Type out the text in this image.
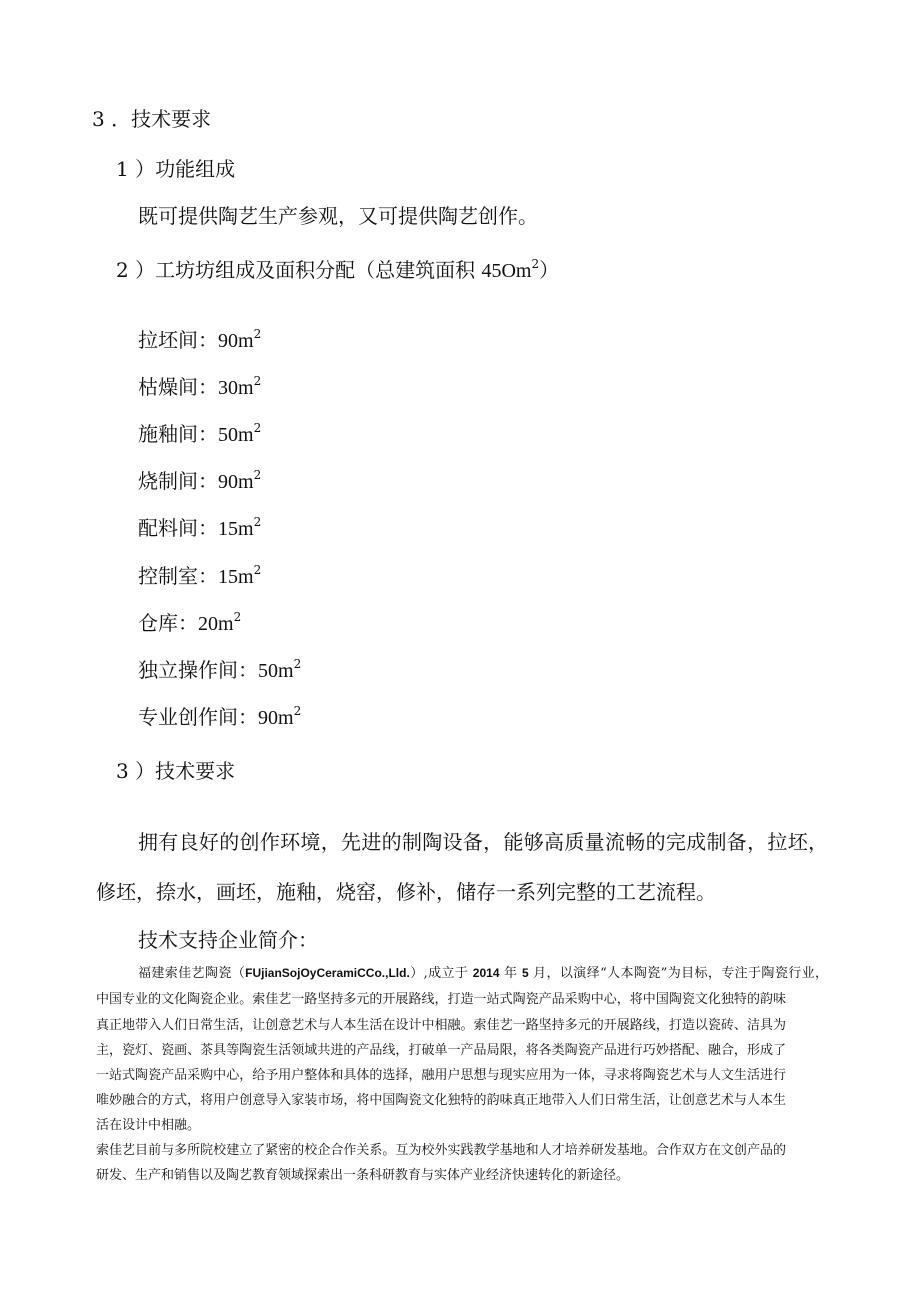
3 ．技术要求
1 ）功能组成
既可提供陶艺生产参观，又可提供陶艺创作。
2 ）工坊坊组成及面积分配（总建筑面积 45Om$^2$）
拉坯间：$90m^2$
枯燥间：$30m^2$
施釉间：$50m^2$
烧制间：$90m^2$
配料间：$15m^2$
控制室：$15m^2$
仓库：$20m^2$
独立操作间：$50m^2$
专业创作间：$90m^2$
3 ）技术要求
拥有良好的创作环境，先进的制陶设备，能够高质量流畅的完成制备，拉坯，
修坯，捺水，画坯，施釉，烧窑，修补，储存一系列完整的工艺流程。
技术支持企业简介：
福建索佳艺陶瓷（FUjianSojOyCeramiCCo.,Lld.）,成立于 2014 年 5 月，以演绎“人本陶瓷”为目标，专注于陶瓷行业，
中国专业的文化陶瓷企业。索佳艺一路坚持多元的开展路线，打造一站式陶瓷产品采购中心，将中国陶瓷文化独特的韵味
真正地带入人们日常生活，让创意艺术与人本生活在设计中相融。索佳艺一路坚持多元的开展路线，打造以瓷砖、洁具为
主，瓷灯、瓷画、茶具等陶瓷生活领域共进的产品线，打破单一产品局限，将各类陶瓷产品进行巧妙搭配、融合，形成了
一站式陶瓷产品采购中心，给予用户整体和具体的选择，融用户思想与现实应用为一体，寻求将陶瓷艺术与人文生活进行
唯妙融合的方式，将用户创意导入家装市场，将中国陶瓷文化独特的韵味真正地带入人们日常生活，让创意艺术与人本生
活在设计中相融。
索佳艺目前与多所院校建立了紧密的校企合作关系。互为校外实践教学基地和人才培养研发基地。合作双方在文创产品的
研发、生产和销售以及陶艺教育领域探索出一条科研教育与实体产业经济快速转化的新途径。
